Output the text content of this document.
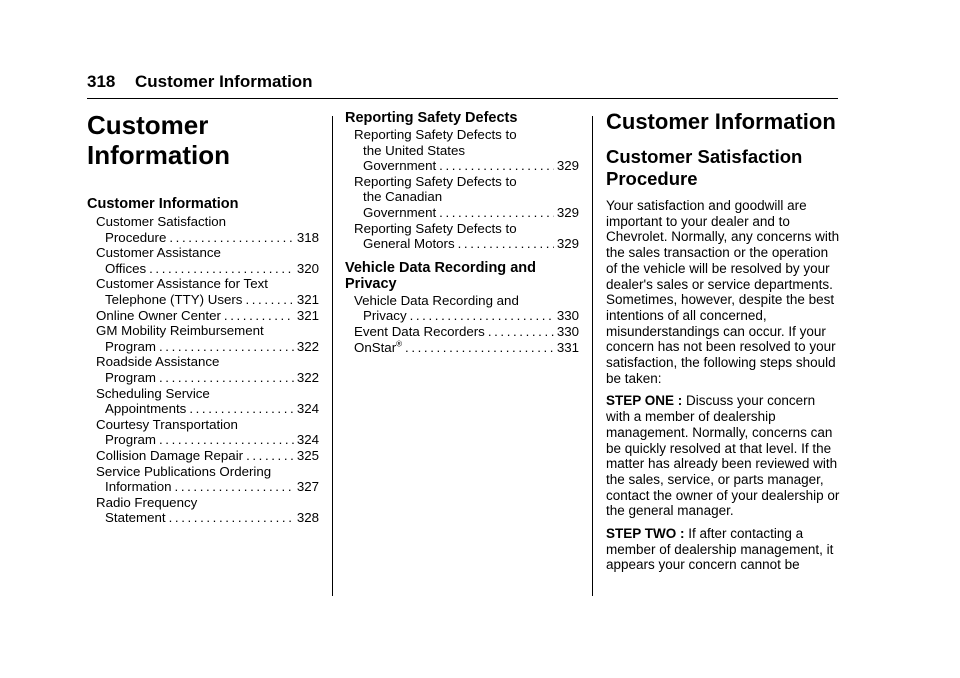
318 Customer Information
Customer
Information
Customer Information
Customer Satisfaction
Procedure .....	318
Customer Assistance
Offices .....	320
Customer Assistance for Text
Telephone (TTY) Users .....	321
Online Owner Center .....	321
GM Mobility Reimbursement
Program .....	322
Roadside Assistance
Program .....	322
Scheduling Service
Appointments .....	324
Courtesy Transportation
Program .....	324
Collision Damage Repair .....	325
Service Publications Ordering
Information .....	327
Radio Frequency
Statement .....	328
Reporting Safety Defects
Reporting Safety Defects to
the United States
Government .....	329
Reporting Safety Defects to
the Canadian
Government .....	329
Reporting Safety Defects to
General Motors .....	329
Vehicle Data Recording and
Privacy
Vehicle Data Recording and
Privacy .....	330
Event Data Recorders .....	330
OnStar® .....	331
Customer Information
Customer Satisfaction
Procedure

Your satisfaction and goodwill are important to your dealer and to Chevrolet. Normally, any concerns with the sales transaction or the operation of the vehicle will be resolved by your dealer's sales or service departments. Sometimes, however, despite the best intentions of all concerned, misunderstandings can occur. If your concern has not been resolved to your satisfaction, the following steps should be taken:

STEP ONE : Discuss your concern with a member of dealership management. Normally, concerns can be quickly resolved at that level. If the matter has already been reviewed with the sales, service, or parts manager, contact the owner of your dealership or the general manager.

STEP TWO : If after contacting a member of dealership management, it appears your concern cannot be
